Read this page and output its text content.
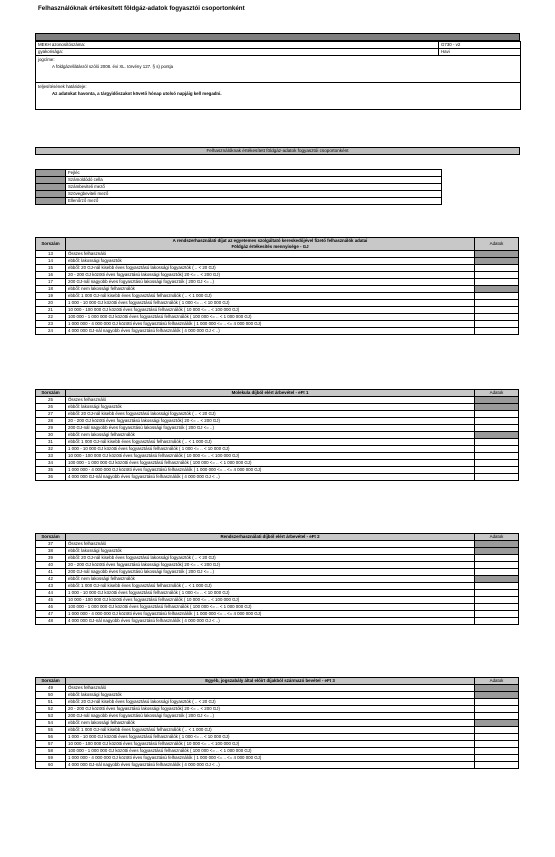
Felhasználóknak értékesített földgáz-adatok fogyasztói csoportonként
MEKH azonosítószáma:	G730 - v2
gyakorisága:	Havi

jogcíme:
A földgázellátásról szóló 2008. évi XL. törvény 127. § s) pontja	

teljesítésének határideje:
Az adatokat havonta, a tárgyidőszakot követő hónap utolsó napjáig kell megadni.	
Felhasználóknak értékesített földgáz-adatok fogyasztói csoportonként
	Fejléc
	Számoldódó cella
	Számbeviteli mező
	Szövegbeviteli mező
	Ellenőrző mező
Sorszám	A rendszerhasználati díjat az egyetemes szolgáltató kereskedőjével fizető felhasználók adatai
Földgáz értékesítés mennyisége - GJ	Adatok
13	Összes felhasználó	
14	ebből: lakossági fogyasztók	
15	ebből: 20 GJ-nál kisebb éves fogyasztású lakossági fogyasztók ( .. < 20 GJ)	
16	20 - 200 GJ közötti éves fogyasztású lakossági fogyasztók( 20 <= .. < 200 GJ)	
17	200 GJ-nál nagyobb éves fogyasztású lakossági fogyasztók ( 200 GJ <= ..)	
18	ebből: nem lakossági felhasználók	
19	ebből: 1 000 GJ-nál kisebb éves fogyasztású felhasználók ( .. < 1 000 GJ)	
20	1 000 - 10 000 GJ közötti éves fogyasztású felhasználók ( 1 000 <= .. < 10 000 GJ)	
21	10 000 - 100 000 GJ közötti éves fogyasztású felhasználók ( 10 000 <= .. < 100 000 GJ)	
22	100 000 - 1 000 000 GJ közötti éves fogyasztású felhasználók ( 100 000 <= .. < 1 000 000 GJ)	
23	1 000 000 - 4 000 000 GJ közötti éves fogyasztású felhasználók ( 1 000 000 <= .. <= 4 000 000 GJ)	
24	4 000 000 GJ-nál nagyobb éves fogyasztású felhasználók ( 4 000 000 GJ < ..)	
Sorszám	Molekula díjból elért árbevétel - eFt 1	Adatok
25	Összes felhasználó	
26	ebből: lakossági fogyasztók	
27	ebből: 20 GJ-nál kisebb éves fogyasztású lakossági fogyasztók ( .. < 20 GJ)	
28	20 - 200 GJ közötti éves fogyasztású lakossági fogyasztók( 20 <= .. < 200 GJ)	
29	200 GJ-nál nagyobb éves fogyasztású lakossági fogyasztók ( 200 GJ <= ..)	
30	ebből: nem lakossági felhasználók	
31	ebből: 1 000 GJ-nál kisebb éves fogyasztású felhasználók ( .. < 1 000 GJ)	
32	1 000 - 10 000 GJ közötti éves fogyasztású felhasználók ( 1 000 <= .. < 10 000 GJ)	
33	10 000 - 100 000 GJ közötti éves fogyasztású felhasználók ( 10 000 <= .. < 100 000 GJ)	
34	100 000 - 1 000 000 GJ közötti éves fogyasztású felhasználók ( 100 000 <= .. < 1 000 000 GJ)	
35	1 000 000 - 4 000 000 GJ közötti éves fogyasztású felhasználók ( 1 000 000 <= .. <= 4 000 000 GJ)	
36	4 000 000 GJ-nál nagyobb éves fogyasztású felhasználók ( 4 000 000 GJ < ..)	
Sorszám	Rendszerhasználati díjból elért árbevétel - eFt 2	Adatok
37	Összes felhasználó	
38	ebből: lakossági fogyasztók	
39	ebből: 20 GJ-nál kisebb éves fogyasztású lakossági fogyasztók ( .. < 20 GJ)	
40	20 - 200 GJ közötti éves fogyasztású lakossági fogyasztók( 20 <= .. < 200 GJ)	
41	200 GJ-nál nagyobb éves fogyasztású lakossági fogyasztók ( 200 GJ <= ..)	
42	ebből: nem lakossági felhasználók	
43	ebből: 1 000 GJ-nál kisebb éves fogyasztású felhasználók ( .. < 1 000 GJ)	
44	1 000 - 10 000 GJ közötti éves fogyasztású felhasználók ( 1 000 <= .. < 10 000 GJ)	
45	10 000 - 100 000 GJ közötti éves fogyasztású felhasználók ( 10 000 <= .. < 100 000 GJ)	
46	100 000 - 1 000 000 GJ közötti éves fogyasztású felhasználók ( 100 000 <= .. < 1 000 000 GJ)	
47	1 000 000 - 4 000 000 GJ közötti éves fogyasztású felhasználók ( 1 000 000 <= .. <= 4 000 000 GJ)	
48	4 000 000 GJ-nál nagyobb éves fogyasztású felhasználók ( 4 000 000 GJ < ..)	
Sorszám	Egyéb, jogszabály által előírt díjakból származó bevétel - eFt 3	Adatok
49	Összes felhasználó	
50	ebből: lakossági fogyasztók	
51	ebből: 20 GJ-nál kisebb éves fogyasztású lakossági fogyasztók ( .. < 20 GJ)	
52	20 - 200 GJ közötti éves fogyasztású lakossági fogyasztók( 20 <= .. < 200 GJ)	
53	200 GJ-nál nagyobb éves fogyasztású lakossági fogyasztók ( 200 GJ <= ..)	
54	ebből: nem lakossági felhasználók	
55	ebből: 1 000 GJ-nál kisebb éves fogyasztású felhasználók ( .. < 1 000 GJ)	
56	1 000 - 10 000 GJ közötti éves fogyasztású felhasználók ( 1 000 <= .. < 10 000 GJ)	
57	10 000 - 100 000 GJ közötti éves fogyasztású felhasználók ( 10 000 <= .. < 100 000 GJ)	
58	100 000 - 1 000 000 GJ közötti éves fogyasztású felhasználók ( 100 000 <= .. < 1 000 000 GJ)	
59	1 000 000 - 4 000 000 GJ közötti éves fogyasztású felhasználók ( 1 000 000 <= .. <= 4 000 000 GJ)	
60	4 000 000 GJ-nál nagyobb éves fogyasztású felhasználók ( 4 000 000 GJ < ..)	
